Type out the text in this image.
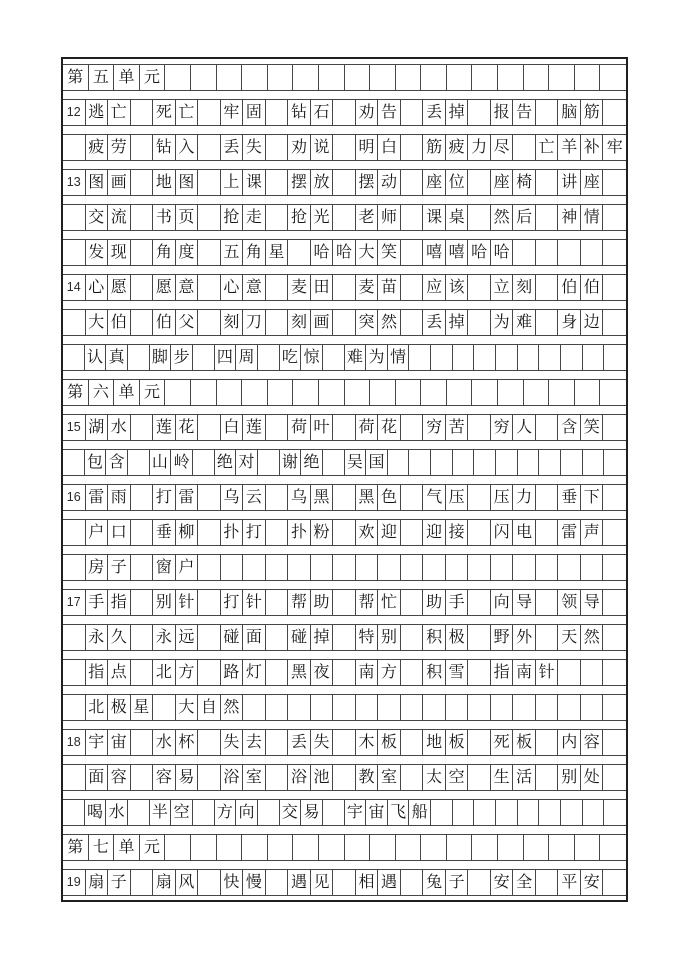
第 五 单 元
12 逃 亡 死 亡 牢 固 钻 石 劝 告 丢 掉 报 告 脑 筋
疲 劳 钻 入 丢 失 劝 说 明 白 筋 疲 力 尽 亡 羊 补 牢
13 图 画 地 图 上 课 摆 放 摆 动 座 位 座 椅 讲 座
交 流 书 页 抢 走 抢 光 老 师 课 桌 然 后 神 情
发 现 角 度 五 角 星 哈 哈 大 笑 嘻 嘻 哈 哈
14 心 愿 愿 意 心 意 麦 田 麦 苗 应 该 立 刻 伯 伯
大 伯 伯 父 刻 刀 刻 画 突 然 丢 掉 为 难 身 边
认 真 脚 步 四 周 吃 惊 难 为 情
第 六 单 元
15 湖 水 莲 花 白 莲 荷 叶 荷 花 穷 苦 穷 人 含 笑
包 含 山 岭 绝 对 谢 绝 吴 国
16 雷 雨 打 雷 乌 云 乌 黑 黑 色 气 压 压 力 垂 下
户 口 垂 柳 扑 打 扑 粉 欢 迎 迎 接 闪 电 雷 声
房 子 窗 户
17 手 指 别 针 打 针 帮 助 帮 忙 助 手 向 导 领 导
永 久 永 远 碰 面 碰 掉 特 别 积 极 野 外 天 然
指 点 北 方 路 灯 黑 夜 南 方 积 雪 指 南 针
北 极 星 大 自 然
18 宇 宙 水 杯 失 去 丢 失 木 板 地 板 死 板 内 容
面 容 容 易 浴 室 浴 池 教 室 太 空 生 活 别 处
喝 水 半 空 方 向 交 易 宇 宙 飞 船
第 七 单 元
19 扇 子 扇 风 快 慢 遇 见 相 遇 兔 子 安 全 平 安
